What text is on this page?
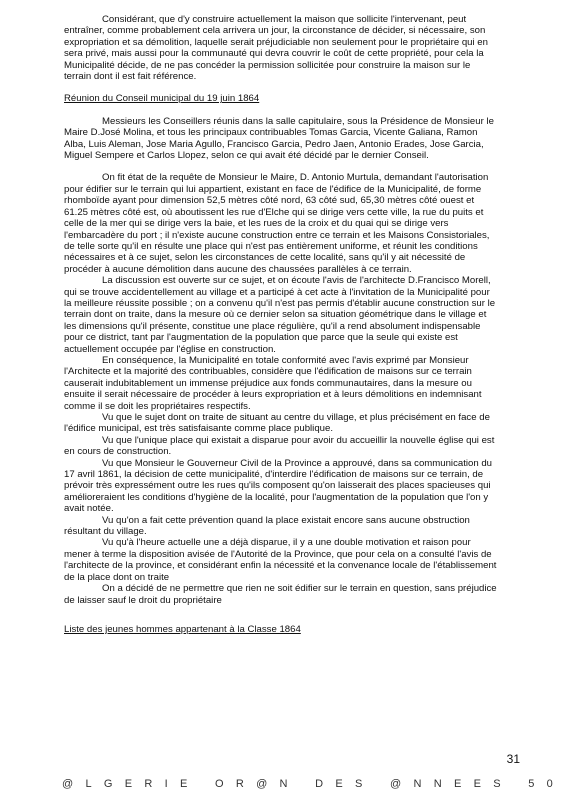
Considérant, que d'y construire actuellement la maison que sollicite l'intervenant, peut entraîner, comme probablement cela arrivera un jour, la circonstance de décider, si nécessaire, son expropriation et sa démolition, laquelle serait préjudiciable non seulement pour le propriétaire qui en sera privé, mais aussi pour la communauté qui devra couvrir le coût de cette propriété, pour cela la Municipalité décide, de ne pas concéder la permission sollicitée pour construire la maison sur le terrain dont il est fait référence.

Réunion du Conseil municipal du 19 juin 1864

Messieurs les Conseillers réunis dans la salle capitulaire, sous la Présidence de Monsieur le Maire D.José Molina, et tous les principaux contribuables Tomas Garcia, Vicente Galiana, Ramon Alba, Luis Aleman, Jose Maria Agullo, Francisco Garcia, Pedro Jaen, Antonio Erades, Jose Garcia, Miguel Sempere et Carlos Llopez, selon ce qui avait été décidé par le dernier Conseil.

On fit état de la requête de Monsieur le Maire, D. Antonio Murtula, demandant l'autorisation pour édifier sur le terrain qui lui appartient, existant en face de l'édifice de la Municipalité, de forme rhomboïde ayant pour dimension 52,5 mètres côté nord, 63 côté sud, 65,30 mètres côté ouest et 61.25 mètres côté est, où aboutissent les rue d'Elche qui se dirige vers cette ville, la rue du puits et celle de la mer qui se dirige vers la baie, et les rues de la croix et du quai qui se dirige vers l'embarcadère du port ; il n'existe aucune construction entre ce terrain et les Maisons Consistoriales, de telle sorte qu'il en résulte une place qui n'est pas entièrement uniforme, et réunit les conditions nécessaires et à ce sujet, selon les circonstances de cette localité, sans qu'il y ait nécessité de procéder à aucune démolition dans aucune des chaussées parallèles à ce terrain.

La discussion est ouverte sur ce sujet, et on écoute l'avis de l'architecte D.Francisco Morell, qui se trouve accidentellement au village et a participé à cet acte à l'invitation de la Municipalité pour la meilleure réussite possible ; on a convenu qu'il n'est pas permis d'établir aucune construction sur le terrain dont on traite, dans la mesure où ce dernier selon sa situation géométrique dans le village et les dimensions qu'il présente, constitue une place régulière, qu'il a rend absolument indispensable pour ce district, tant par l'augmentation de la population que parce que la seule qui existe est actuellement occupée par l'église en construction.

En conséquence, la Municipalité en totale conformité avec l'avis exprimé par Monsieur l'Architecte et la majorité des contribuables, considère que l'édification de maisons sur ce terrain causerait indubitablement un immense préjudice aux fonds communautaires, dans la mesure ou ensuite il serait nécessaire de procéder à leurs expropriation et à leurs démolitions en indemnisant comme il se doit les propriétaires respectifs.

Vu que le sujet dont on traite de situant au centre du village, et plus précisément en face de l'édifice municipal, est très satisfaisante comme place publique.

Vu que l'unique place qui existait a disparue pour avoir du accueillir la nouvelle église qui est en cours de construction.

Vu que Monsieur le Gouverneur Civil de la Province a approuvé, dans sa communication du 17 avril 1861, la décision de cette municipalité, d'interdire l'édification de maisons sur ce terrain, de prévoir très expressément outre les rues qu'ils composent qu'on laisserait des places spacieuses qui amélioreraient les conditions d'hygiène de la localité, pour l'augmentation de la population que l'on y avait notée.

Vu qu'on a fait cette prévention quand la place existait encore sans aucune obstruction résultant du village.

Vu qu'à l'heure actuelle une a déjà disparue, il y a une double motivation et raison pour mener à terme la disposition avisée de l'Autorité de la Province, que pour cela on a consulté l'avis de l'architecte de la province, et considérant enfin la nécessité et la convenance locale de l'établissement de la place dont on traite

On a décidé de ne permettre que rien ne soit édifier sur le terrain en question, sans préjudice de laisser sauf le droit du propriétaire

Liste des jeunes hommes appartenant à la Classe 1864

31
@LGERIE OR@N DES @NNEES 50
